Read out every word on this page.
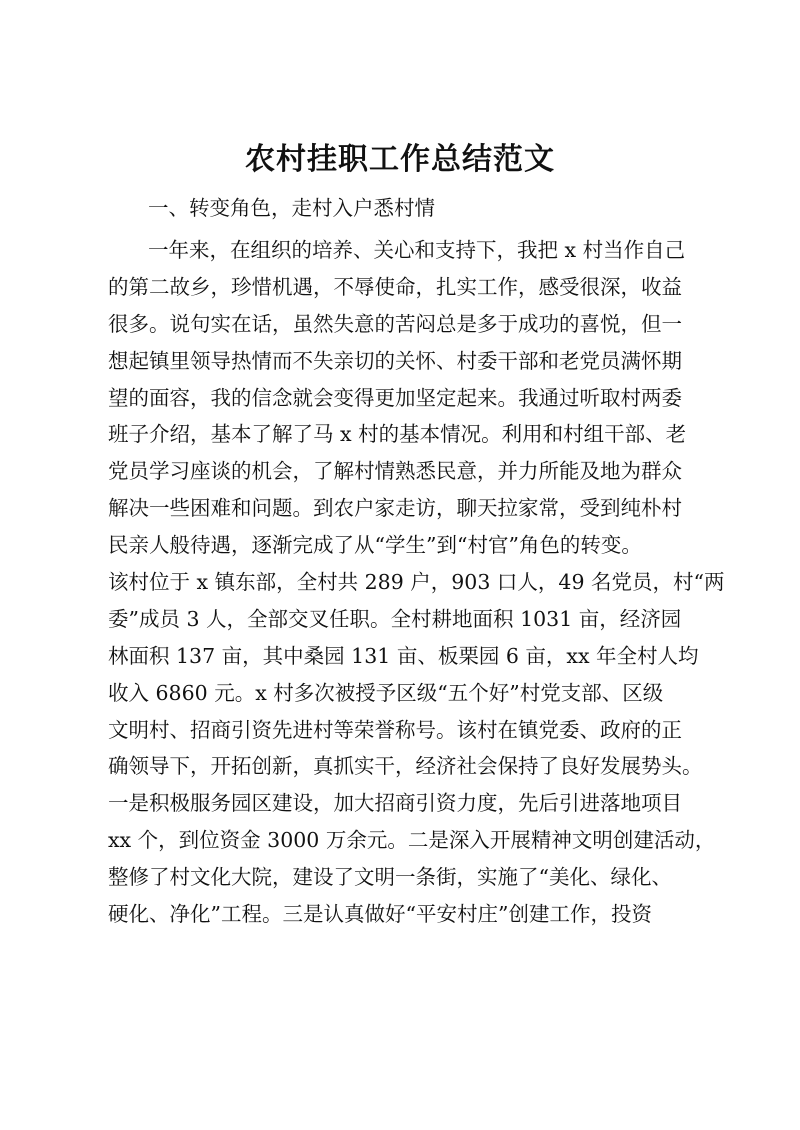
农村挂职工作总结范文
一、转变角色，走村入户悉村情
一年来，在组织的培养、关心和支持下，我把 x 村当作自己
的第二故乡，珍惜机遇，不辱使命，扎实工作，感受很深，收益
很多。说句实在话，虽然失意的苦闷总是多于成功的喜悦，但一
想起镇里领导热情而不失亲切的关怀、村委干部和老党员满怀期
望的面容，我的信念就会变得更加坚定起来。我通过听取村两委
班子介绍，基本了解了马 x 村的基本情况。利用和村组干部、老
党员学习座谈的机会，了解村情熟悉民意，并力所能及地为群众
解决一些困难和问题。到农户家走访，聊天拉家常，受到纯朴村
民亲人般待遇，逐渐完成了从“学生”到“村官”角色的转变。
该村位于 x 镇东部，全村共 289 户，903 口人，49 名党员，村“两
委”成员 3 人，全部交叉任职。全村耕地面积 1031 亩，经济园
林面积 137 亩，其中桑园 131 亩、板栗园 6 亩，xx 年全村人均
收入 6860 元。x 村多次被授予区级“五个好”村党支部、区级
文明村、招商引资先进村等荣誉称号。该村在镇党委、政府的正
确领导下，开拓创新，真抓实干，经济社会保持了良好发展势头。
一是积极服务园区建设，加大招商引资力度，先后引进落地项目
xx 个，到位资金 3000 万余元。二是深入开展精神文明创建活动，
整修了村文化大院，建设了文明一条街，实施了“美化、绿化、
硬化、净化”工程。三是认真做好“平安村庄”创建工作，投资
